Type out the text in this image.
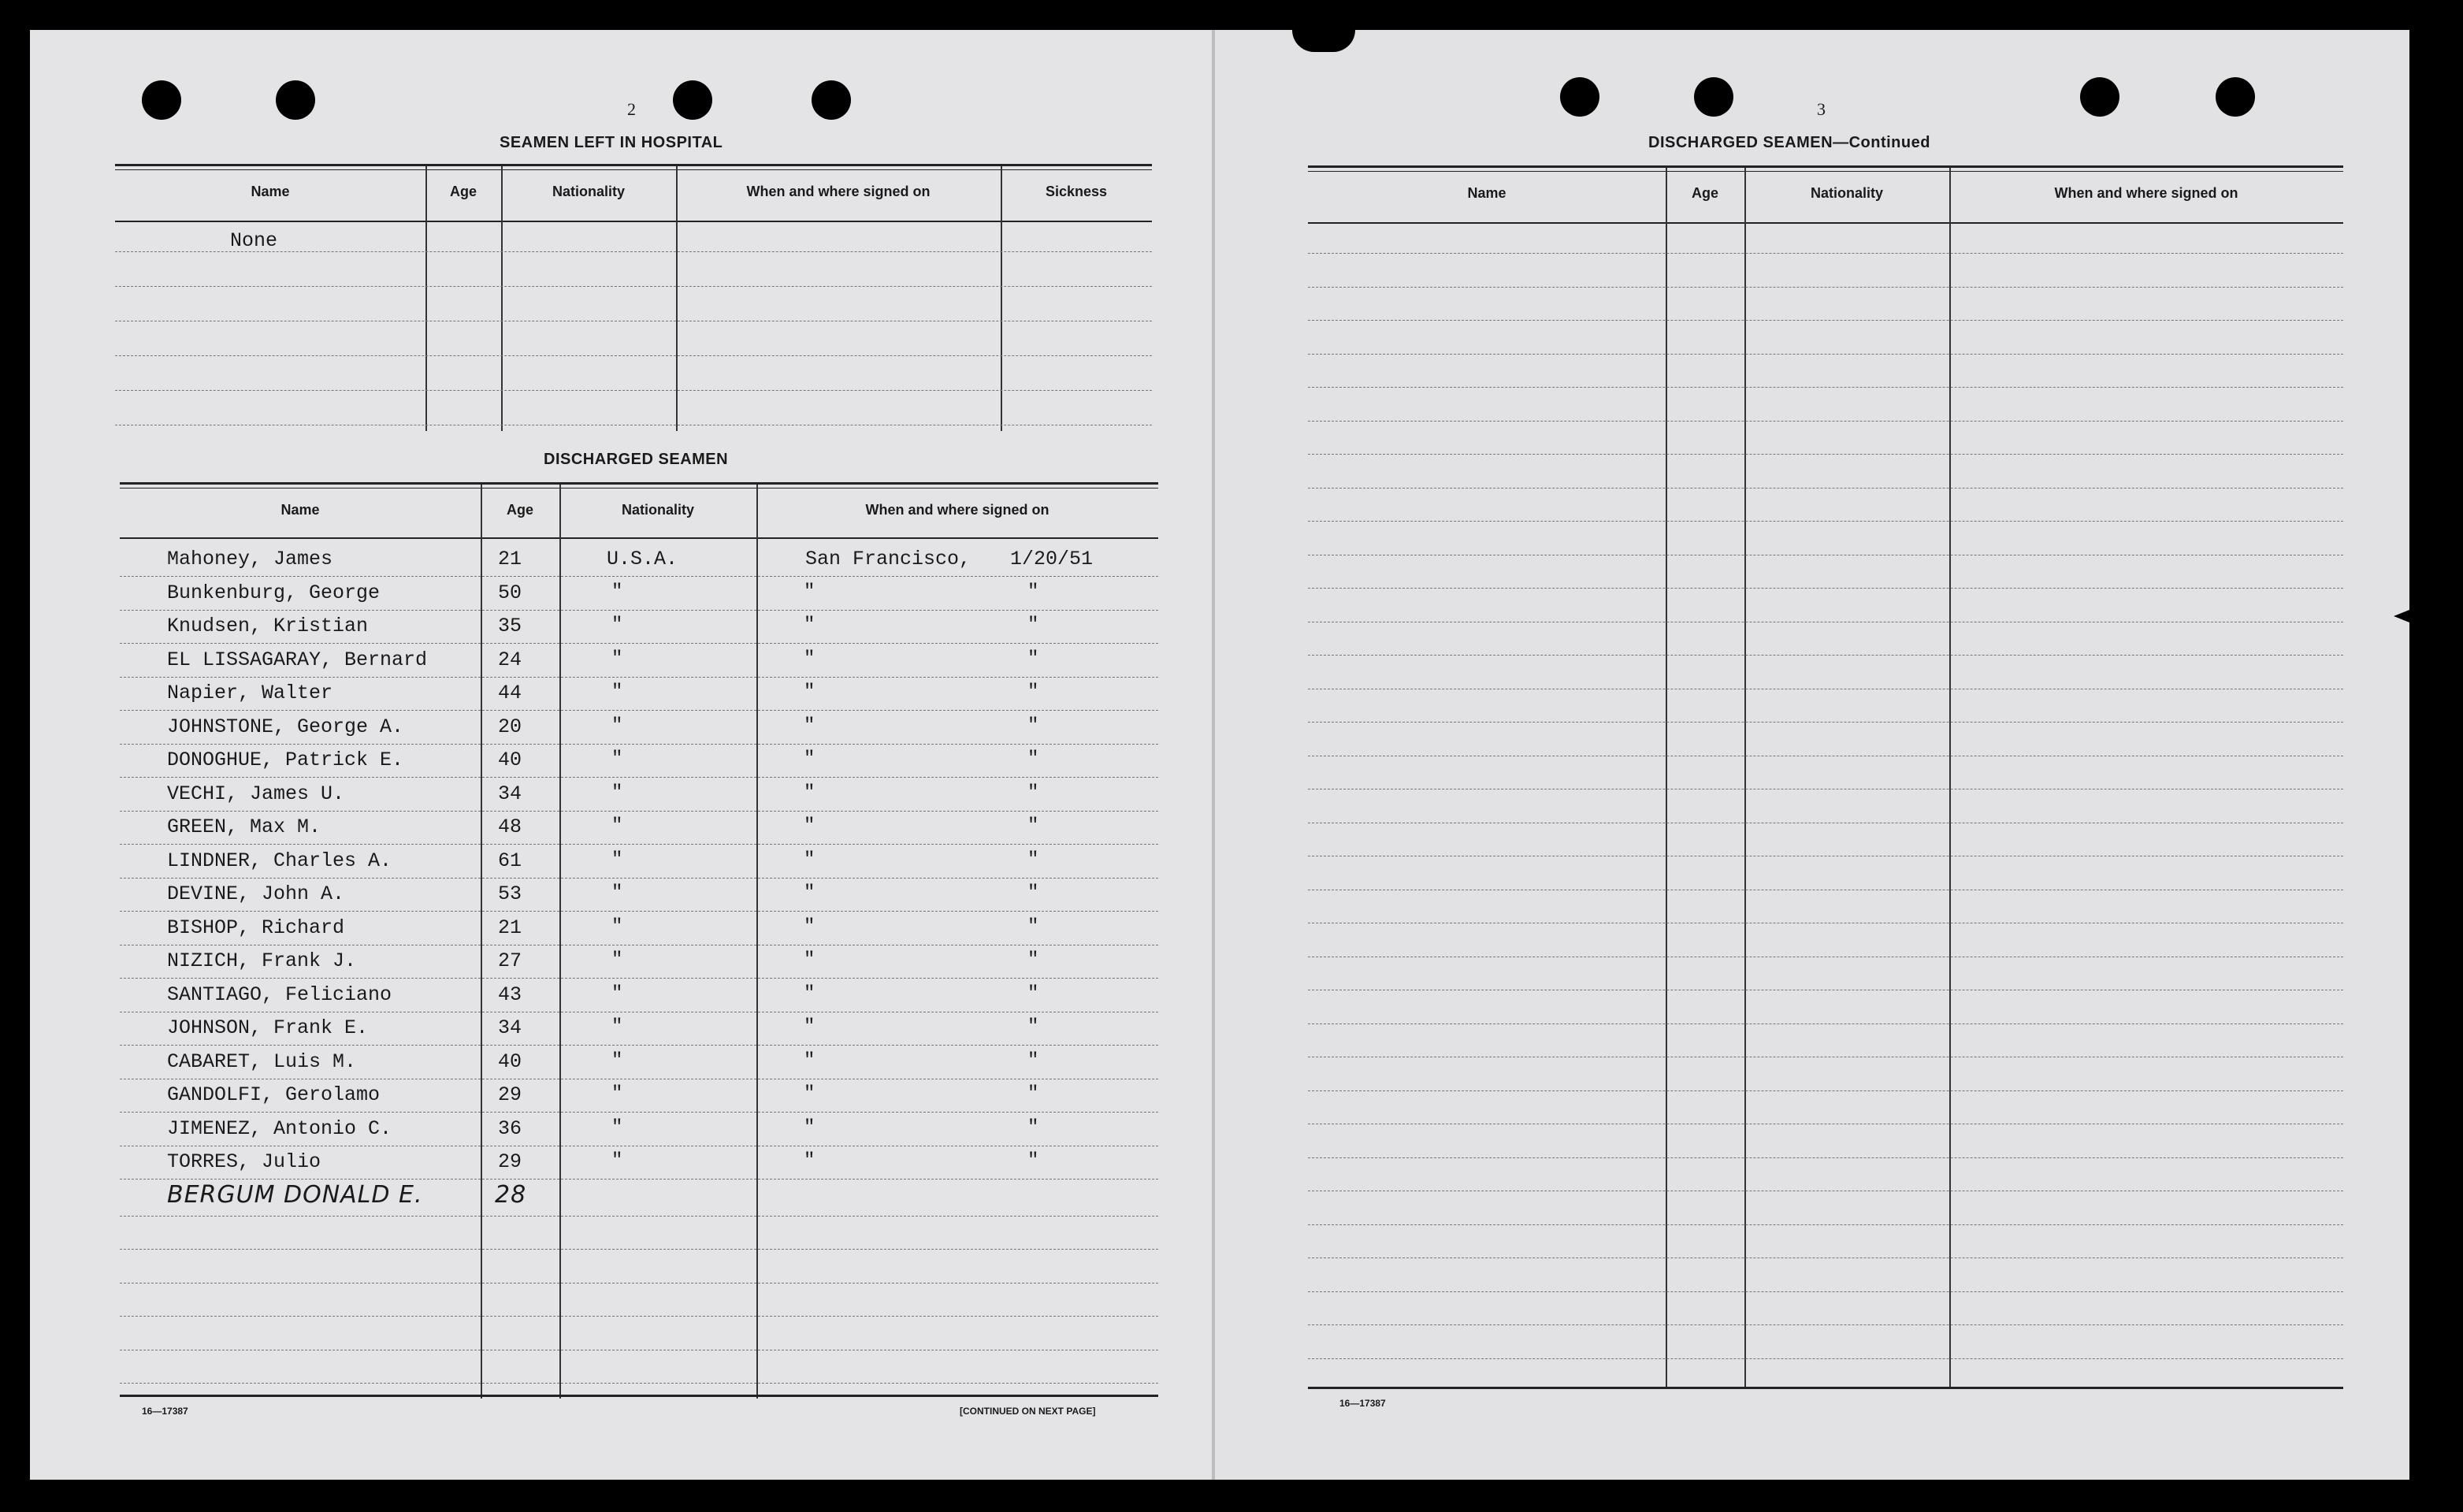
2
SEAMEN LEFT IN HOSPITAL
Name	Age	Nationality	When and where signed on	Sickness
None
DISCHARGED SEAMEN
Name	Age	Nationality	When and where signed on
Mahoney, James	21	U.S.A.	San Francisco, 1/20/51
Bunkenburg, George	50	"	"	"
Knudsen, Kristian	35	"	"	"
EL LISSAGARAY, Bernard	24	"	"	"
Napier, Walter	44	"	"	"
JOHNSTONE, George A.	20	"	"	"
DONOGHUE, Patrick E.	40	"	"	"
VECHI, James U.	34	"	"	"
GREEN, Max M.	48	"	"	"
LINDNER, Charles A.	61	"	"	"
DEVINE, John A.	53	"	"	"
BISHOP, Richard	21	"	"	"
NIZICH, Frank J.	27	"	"	"
SANTIAGO, Feliciano	43	"	"	"
JOHNSON, Frank E.	34	"	"	"
CABARET, Luis M.	40	"	"	"
GANDOLFI, Gerolamo	29	"	"	"
JIMENEZ, Antonio C.	36	"	"	"
TORRES, Julio	29	"	"	"
BERGUM DONALD E.	28
16—17387	[CONTINUED ON NEXT PAGE]
3
DISCHARGED SEAMEN—Continued
Name	Age	Nationality	When and where signed on
16—17387
